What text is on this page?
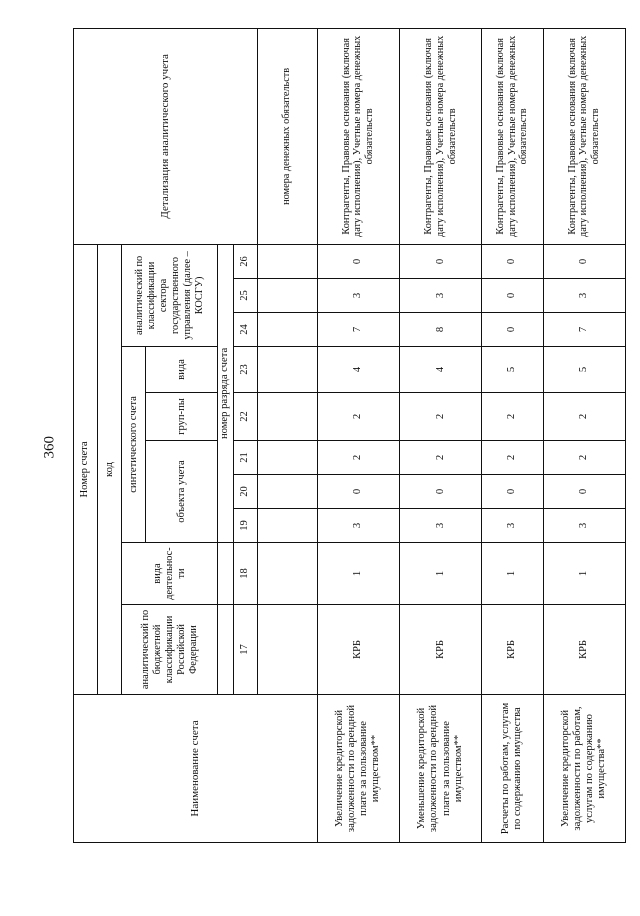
360
Наименование счета	Номер счета										Детализация аналитического учета
	код										
	аналитический по бюджетной классификации Российской Федерации	вида деятельнос-ти	синтетического счета					аналитический по классификации сектора государственного управления (далее – КОСГУ)			
			объекта учета			груп-пы	вида				
			номер разряда счета								
	17	18	19	20	21	22	23	24	25	26	
											номера денежных обязательств
Увеличение кредиторской задолженности по арендной плате за пользование имуществом**	КРБ	1	3	0	2	2	4	7	3	0	Контрагенты, Правовые основания (включая дату исполнения), Учетные номера денежных обязательств
Уменьшение кредиторской задолженности по арендной плате за пользование имуществом**	КРБ	1	3	0	2	2	4	8	3	0	Контрагенты, Правовые основания (включая дату исполнения), Учетные номера денежных обязательств
Расчеты по работам, услугам по содержанию имущества	КРБ	1	3	0	2	2	5	0	0	0	Контрагенты, Правовые основания (включая дату исполнения), Учетные номера денежных обязательств
Увеличение кредиторской задолженности по работам, услугам по содержанию имущества**	КРБ	1	3	0	2	2	5	7	3	0	Контрагенты, Правовые основания (включая дату исполнения), Учетные номера денежных обязательств
